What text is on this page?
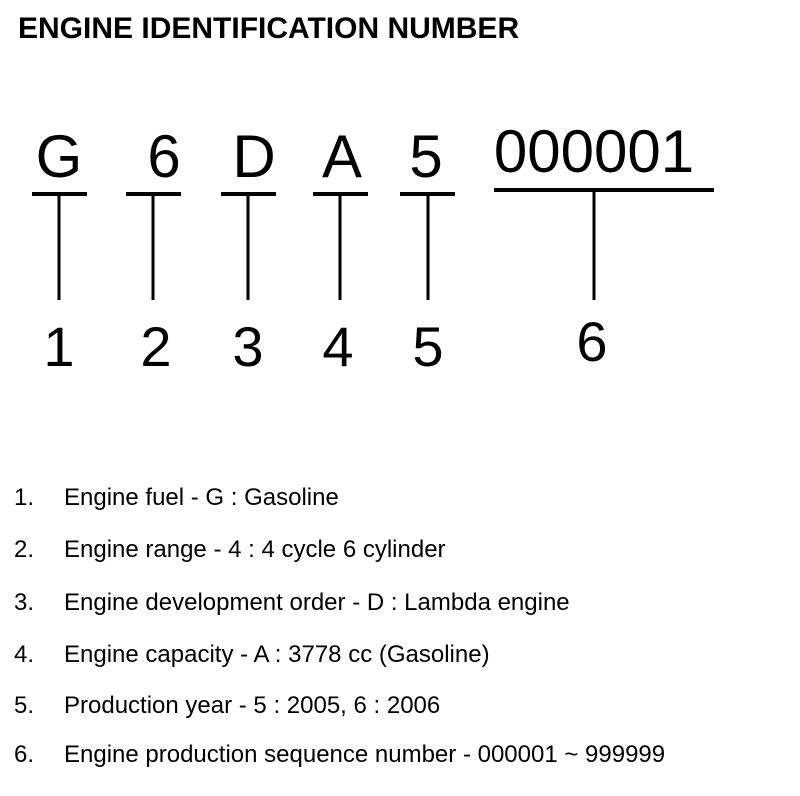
ENGINE IDENTIFICATION NUMBER
G
1
6
2
D
3
A
4
5
5
000001
6
1. Engine fuel - G : Gasoline
2. Engine range - 4 : 4 cycle 6 cylinder
3. Engine development order - D : Lambda engine
4. Engine capacity - A : 3778 cc (Gasoline)
5. Production year - 5 : 2005, 6 : 2006
6. Engine production sequence number - 000001 ~ 999999
